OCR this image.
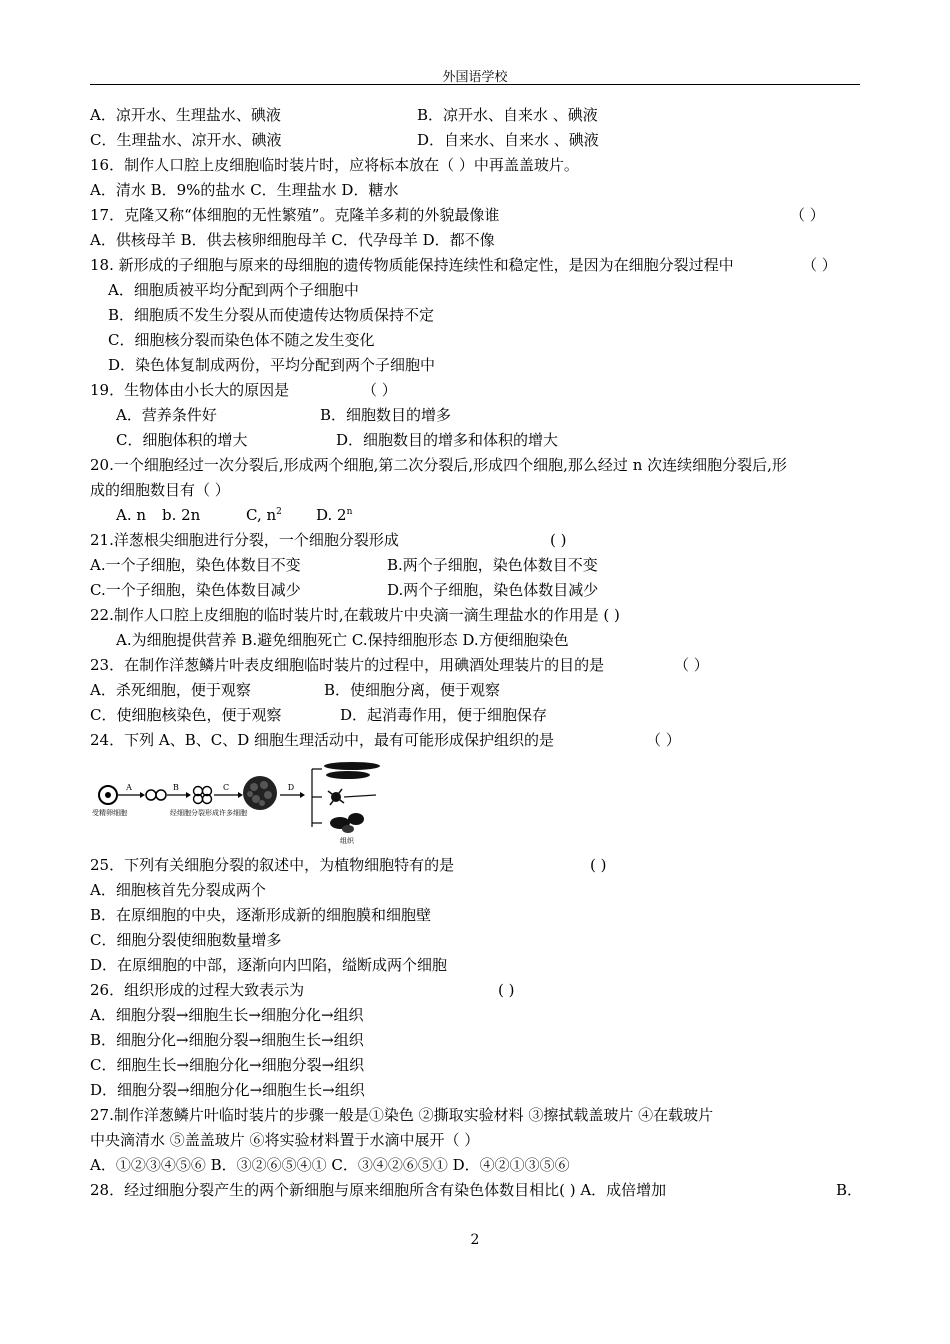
外国语学校
A．凉开水、生理盐水、碘液	B．凉开水、自来水 、碘液
C．生理盐水、凉开水、碘液	D．自来水、自来水 、碘液
16．制作人口腔上皮细胞临时装片时，应将标本放在（ ）中再盖盖玻片。
A．清水 B．9%的盐水 C．生理盐水 D．糖水
17．克隆又称“体细胞的无性繁殖”。克隆羊多莉的外貌最像谁	（ ）
A．供核母羊 B．供去核卵细胞母羊 C．代孕母羊 D．都不像
18. 新形成的子细胞与原来的母细胞的遗传物质能保持连续性和稳定性，是因为在细胞分裂过程中	（ ）
A．细胞质被平均分配到两个子细胞中
B．细胞质不发生分裂从而使遗传达物质保持不定
C．细胞核分裂而染色体不随之发生变化
D．染色体复制成两份，平均分配到两个子细胞中
19．生物体由小长大的原因是	（ ）
A．营养条件好	B．细胞数目的增多
C．细胞体积的增大	D．细胞数目的增多和体积的增大
20.一个细胞经过一次分裂后,形成两个细胞,第二次分裂后,形成四个细胞,那么经过 n 次连续细胞分裂后,形
成的细胞数目有（ ）
A. n b. 2n	C, $n^2$ D. 2$^n$
21.洋葱根尖细胞进行分裂，一个细胞分裂形成	( )
A.一个子细胞，染色体数目不变	B.两个子细胞，染色体数目不变
C.一个子细胞，染色体数目减少	D.两个子细胞，染色体数目减少
22.制作人口腔上皮细胞的临时装片时,在载玻片中央滴一滴生理盐水的作用是 ( )
A.为细胞提供营养 B.避免细胞死亡 C.保持细胞形态 D.方便细胞染色
23．在制作洋葱鳞片叶表皮细胞临时装片的过程中，用碘酒处理装片的目的是	（ ）
A．杀死细胞，便于观察	B．使细胞分离，便于观察
C．使细胞核染色，便于观察	D．起消毒作用，便于细胞保存
24．下列 A、B、C、D 细胞生理活动中，最有可能形成保护组织的是	（ ）
A	B	C	D
受精卵细胞	经细胞分裂形成许多细胞
组织
25．下列有关细胞分裂的叙述中，为植物细胞特有的是	( )
A．细胞核首先分裂成两个
B．在原细胞的中央，逐渐形成新的细胞膜和细胞壁
C．细胞分裂使细胞数量增多
D．在原细胞的中部，逐渐向内凹陷，缢断成两个细胞
26．组织形成的过程大致表示为	( )
A．细胞分裂→细胞生长→细胞分化→组织
B．细胞分化→细胞分裂→细胞生长→组织
C．细胞生长→细胞分化→细胞分裂→组织
D．细胞分裂→细胞分化→细胞生长→组织
27.制作洋葱鳞片叶临时装片的步骤一般是①染色 ②撕取实验材料 ③擦拭载盖玻片 ④在载玻片
中央滴清水 ⑤盖盖玻片 ⑥将实验材料置于水滴中展开（ ）
A．①②③④⑤⑥ B．③②⑥⑤④① C．③④②⑥⑤① D．④②①③⑤⑥
28．经过细胞分裂产生的两个新细胞与原来细胞所含有染色体数目相比( ) A．成倍增加	B．
2
